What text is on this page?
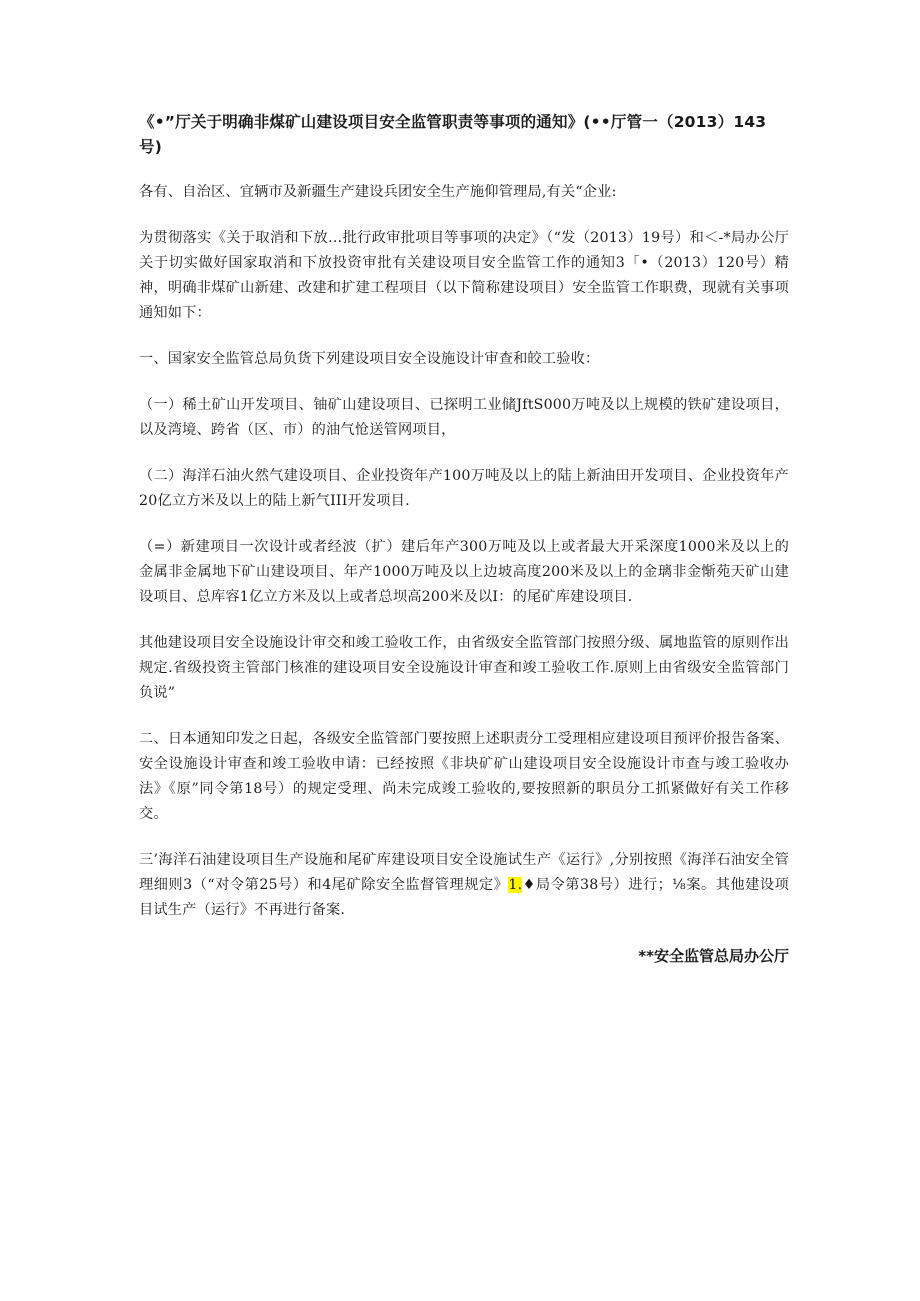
《•”厅关于明确非煤矿山建设项目安全监管职责等事项的通知》(••厅管一（2013）143号)

各有、自治区、宜辆市及新疆生产建设兵团安全生产施仰管理局,有关“企业:

为贯彻落实《关于取消和下放…批行政审批项目等事项的决定》（“发（2013）19号）和＜-*局办公厅关于切实做好国家取消和下放投资审批有关建设项目安全监管工作的通知3「•（2013）120号）精神，明确非煤矿山新建、改建和扩建工程项目（以下简称建设项目）安全监管工作职费，现就有关事项通知如下：

一、国家安全监管总局负货下列建设项目安全设施设计审查和皎工验收：

（一）稀土矿山开发项目、铀矿山建设项目、已探明工业储JftS000万吨及以上规模的铁矿建设项目，以及湾境、跨省（区、市）的油气怆送管网项目，

（二）海洋石油火然气建设项目、企业投资年产100万吨及以上的陆上新油田开发项目、企业投资年产20亿立方米及以上的陆上新气III开发项目.

（=）新建项目一次设计或者经波（扩）建后年产300万吨及以上或者最大开采深度1000米及以上的金属非金属地下矿山建设项目、年产1000万吨及以上边坡高度200米及以上的金璃非金惭苑天矿山建设项目、总库容1亿立方米及以上或者总坝高200米及以I：的尾矿库建设项目.

其他建设项目安全设施设计审交和竣工验收工作，由省级安全监管部门按照分级、属地监管的原则作出规定.省级投资主管部门核准的建设项目安全设施设计审查和竣工验收工作.原则上由省级安全监管部门负说”

二、日本通知印发之日起，各级安全监管部门要按照上述职责分工受理相应建设项目预评价报告备案、安全设施设计审查和竣工验收申请：已经按照《非块矿矿山建设项目安全设施设计市查与竣工验收办法》《原”同令第18号）的规定受理、尚未完成竣工验收的,要按照新的职员分工抓紧做好有关工作移交。

三’海洋石油建设项目生产设施和尾矿库建设项目安全设施试生产《运行》,分别按照《海洋石油安全管理细则3（“对令第25号）和4尾矿除安全监督管理规定》1.♦局令第38号）进行；⅛案。其他建设项目试生产（运行》不再进行备案.

**安全监管总局办公厅
